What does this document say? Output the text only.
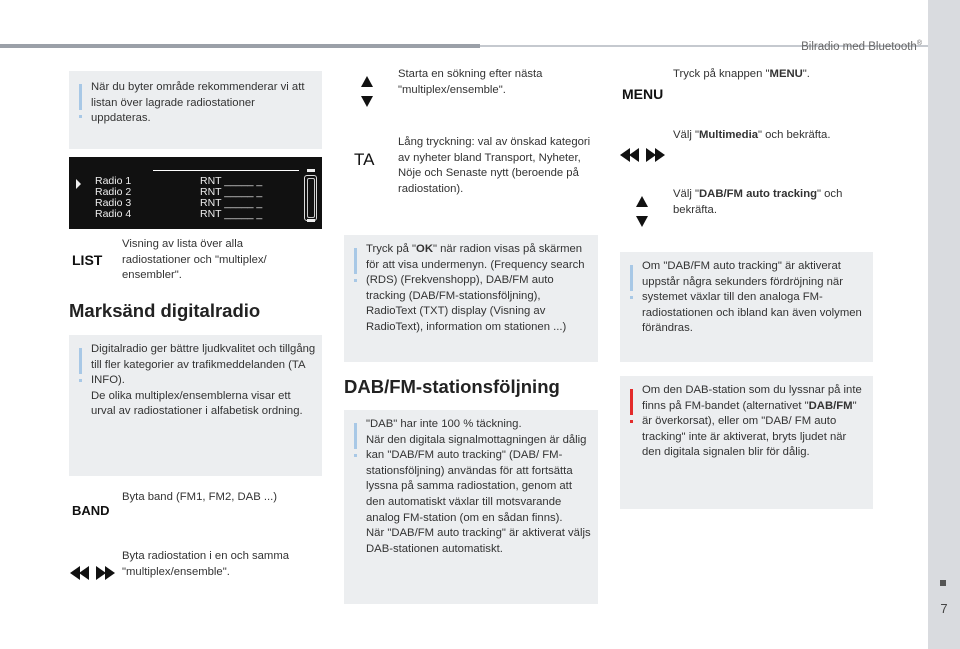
Bilradio med Bluetooth®
7
När du byter område rekommenderar vi att listan över lagrade radiostationer uppdateras.
Radio 1
Radio 2
Radio 3
Radio 4
RNT _____ _
RNT _____ _
RNT _____ _
RNT _____ _
LIST
Visning av lista över alla radiostationer och "multiplex/ ensembler".
Marksänd digitalradio
Digitalradio ger bättre ljudkvalitet och tillgång till fler kategorier av trafikmeddelanden (TA INFO).
De olika multiplex/ensemblerna visar ett urval av radiostationer i alfabetisk ordning.
Byta band (FM1, FM2, DAB ...)
BAND
Byta radiostation i en och samma "multiplex/ensemble".
Starta en sökning efter nästa "multiplex/ensemble".
TA
Lång tryckning: val av önskad kategori av nyheter bland Transport, Nyheter, Nöje och Senaste nytt (beroende på radiostation).
Tryck på "OK" när radion visas på skärmen för att visa undermenyn. (Frequency search (RDS) (Frekvenshopp), DAB/FM auto tracking (DAB/FM-stationsföljning), RadioText (TXT) display (Visning av RadioText), information om stationen ...)
DAB/FM-stationsföljning
"DAB" har inte 100 % täckning.
När den digitala signalmottagningen är dålig kan "DAB/FM auto tracking" (DAB/ FM-stationsföljning) användas för att fortsätta lyssna på samma radiostation, genom att den automatiskt växlar till motsvarande analog FM-station (om en sådan finns).
När "DAB/FM auto tracking" är aktiverat väljs DAB-stationen automatiskt.
MENU
Tryck på knappen "MENU".
Välj "Multimedia" och bekräfta.
Välj "DAB/FM auto tracking" och bekräfta.
Om "DAB/FM auto tracking" är aktiverat uppstår några sekunders fördröjning när systemet växlar till den analoga FM-radiostationen och ibland kan även volymen förändras.
Om den DAB-station som du lyssnar på inte finns på FM-bandet (alternativet "DAB/FM" är överkorsat), eller om "DAB/ FM auto tracking" inte är aktiverat, bryts ljudet när den digitala signalen blir för dålig.
